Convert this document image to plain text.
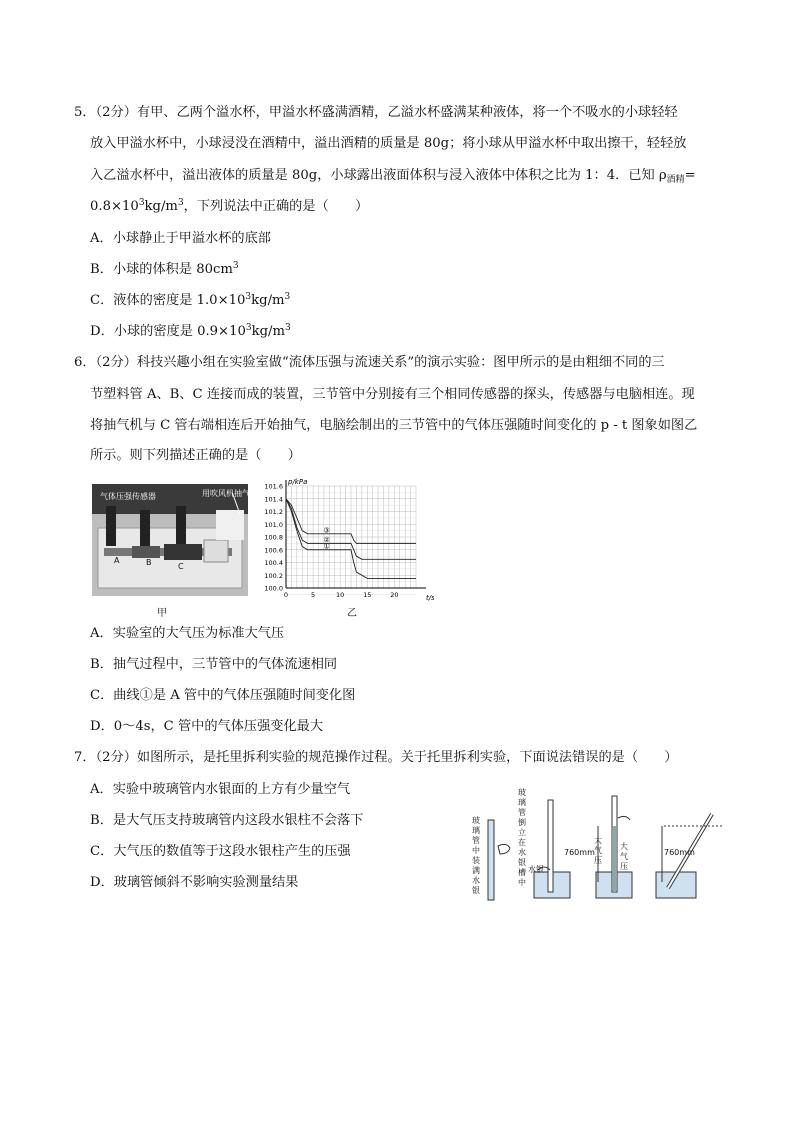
5．（2分）有甲、乙两个溢水杯，甲溢水杯盛满酒精，乙溢水杯盛满某种液体，将一个不吸水的小球轻轻
放入甲溢水杯中，小球浸没在酒精中，溢出酒精的质量是 80g；将小球从甲溢水杯中取出擦干，轻轻放
入乙溢水杯中，溢出液体的质量是 80g，小球露出液面体积与浸入液体中体积之比为 1：4．已知 $\rho_{酒精}=$
$0.8\times 10^3kg/m^3$，下列说法中正确的是（　　）
A．小球静止于甲溢水杯的底部
B．小球的体积是 $80cm^3$
C．液体的密度是 $1.0\times 10^3kg/m^3$
D．小球的密度是 $0.9\times 10^3kg/m^3$
6．（2分）科技兴趣小组在实验室做“流体压强与流速关系”的演示实验：图甲所示的是由粗细不同的三
节塑料管 A、B、C 连接而成的装置，三节管中分别接有三个相同传感器的探头，传感器与电脑相连。现
将抽气机与 C 管右端相连后开始抽气，电脑绘制出的三节管中的气体压强随时间变化的 p - t 图象如图乙
所示。则下列描述正确的是（　　）
气体压强传感器	用吹风机抽气
A	B	C
甲
100.0
100.2
100.4
100.6
100.8
101.0
101.2
101.4
101.6
0	5	10	15	20
p/kPa
t/s
①
②
③
乙
A．实验室的大气压为标准大气压
B．抽气过程中，三节管中的气体流速相同
C．曲线①是 A 管中的气体压强随时间变化图
D．0～4s，C 管中的气体压强变化最大
7．（2分）如图所示，是托里拆利实验的规范操作过程。关于托里拆利实验，下面说法错误的是（　　）
A．实验中玻璃管内水银面的上方有少量空气
B．是大气压支持玻璃管内这段水银柱不会落下
C．大气压的数值等于这段水银柱产生的压强
D．玻璃管倾斜不影响实验测量结果
玻璃管中装满水银
玻璃管倒立在水银槽中
水银
760mm
大气压
大气压
760mm
